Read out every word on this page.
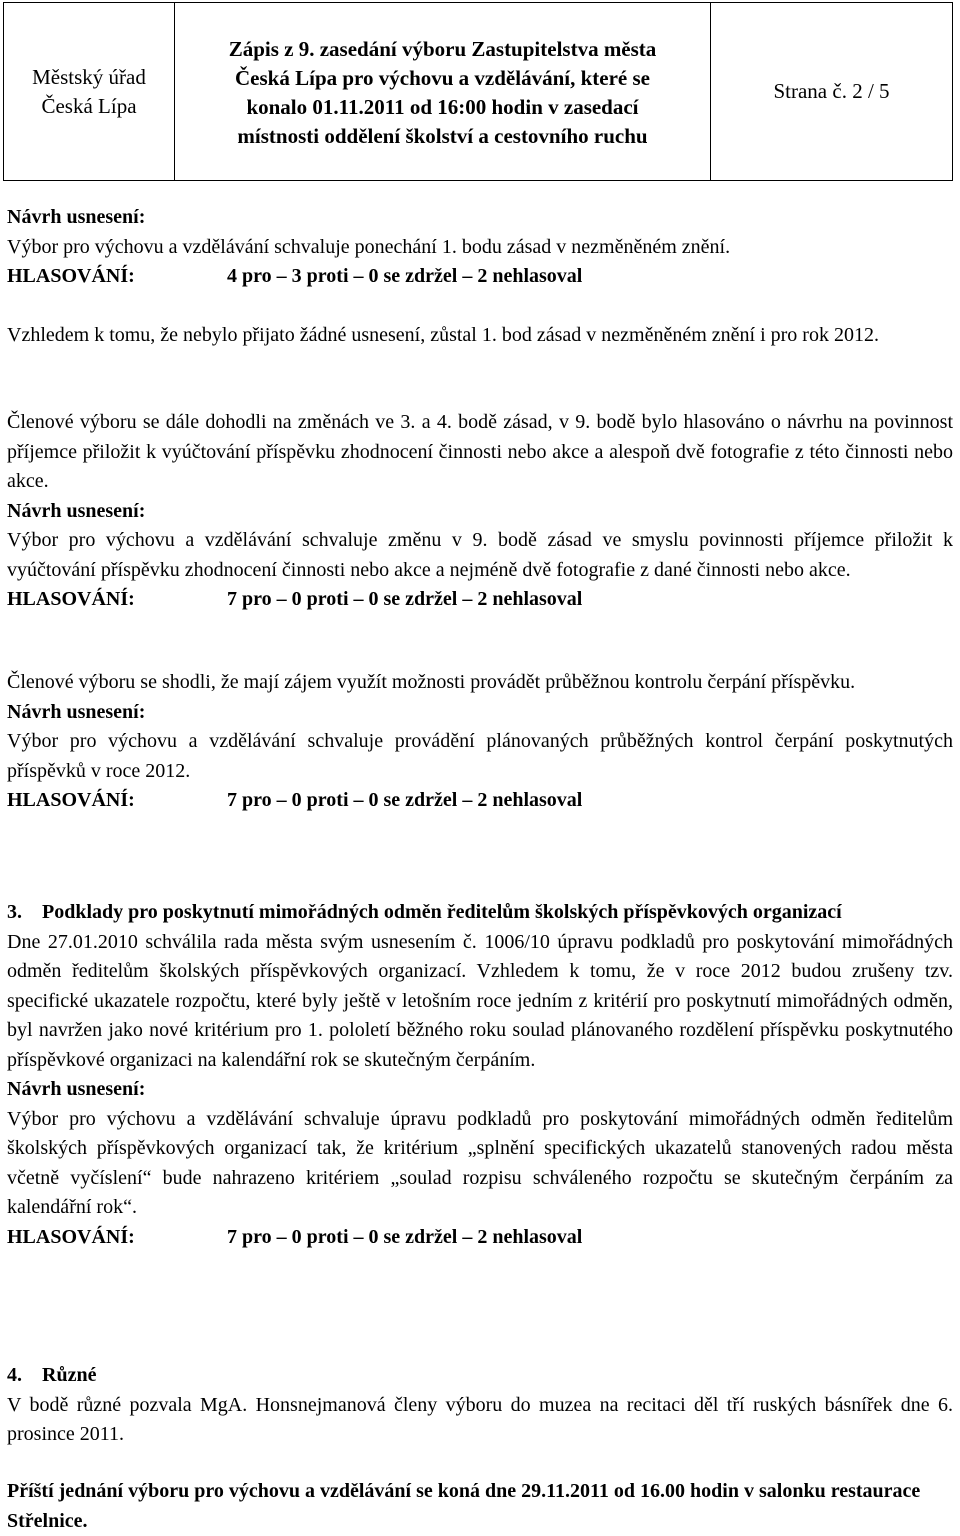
Městský úřad
Česká Lípa
Zápis z 9. zasedání výboru Zastupitelstva města
Česká Lípa pro výchovu a vzdělávání, které se
konalo 01.11.2011 od 16:00 hodin v zasedací
místnosti oddělení školství a cestovního ruchu
Strana č. 2 / 5

Návrh usnesení:

Výbor pro výchovu a vzdělávání schvaluje ponechání 1. bodu zásad v nezměněném znění.

HLASOVÁNÍ:	4 pro – 3 proti – 0 se zdržel – 2 nehlasoval

Vzhledem k tomu, že nebylo přijato žádné usnesení, zůstal 1. bod zásad v nezměněném znění i pro rok 2012.

Členové výboru se dále dohodli na změnách ve 3. a 4. bodě zásad, v 9. bodě bylo hlasováno o návrhu na povinnost příjemce přiložit k vyúčtování příspěvku zhodnocení činnosti nebo akce a alespoň dvě fotografie z této činnosti nebo akce.

Návrh usnesení:

Výbor pro výchovu a vzdělávání schvaluje změnu v 9. bodě zásad ve smyslu povinnosti příjemce přiložit k vyúčtování příspěvku zhodnocení činnosti nebo akce a nejméně dvě fotografie z dané činnosti nebo akce.

HLASOVÁNÍ:	7 pro – 0 proti – 0 se zdržel – 2 nehlasoval

Členové výboru se shodli, že mají zájem využít možnosti provádět průběžnou kontrolu čerpání příspěvku.

Návrh usnesení:

Výbor pro výchovu a vzdělávání schvaluje provádění plánovaných průběžných kontrol čerpání poskytnutých příspěvků v roce 2012.

HLASOVÁNÍ:	7 pro – 0 proti – 0 se zdržel – 2 nehlasoval

3. Podklady pro poskytnutí mimořádných odměn ředitelům školských příspěvkových organizací

Dne 27.01.2010 schválila rada města svým usnesením č. 1006/10 úpravu podkladů pro poskytování mimořádných odměn ředitelům školských příspěvkových organizací. Vzhledem k tomu, že v roce 2012 budou zrušeny tzv. specifické ukazatele rozpočtu, které byly ještě v letošním roce jedním z kritérií pro poskytnutí mimořádných odměn, byl navržen jako nové kritérium pro 1. pololetí běžného roku soulad plánovaného rozdělení příspěvku poskytnutého příspěvkové organizaci na kalendářní rok se skutečným čerpáním.

Návrh usnesení:

Výbor pro výchovu a vzdělávání schvaluje úpravu podkladů pro poskytování mimořádných odměn ředitelům školských příspěvkových organizací tak, že kritérium „splnění specifických ukazatelů stanovených radou města včetně vyčíslení“ bude nahrazeno kritériem „soulad rozpisu schváleného rozpočtu se skutečným čerpáním za kalendářní rok“.

HLASOVÁNÍ:	7 pro – 0 proti – 0 se zdržel – 2 nehlasoval

4. Různé

V bodě různé pozvala MgA. Honsnejmanová členy výboru do muzea na recitaci děl tří ruských básnířek dne 6. prosince 2011.

Příští jednání výboru pro výchovu a vzdělávání se koná dne 29.11.2011 od 16.00 hodin v salonku restaurace Střelnice.
